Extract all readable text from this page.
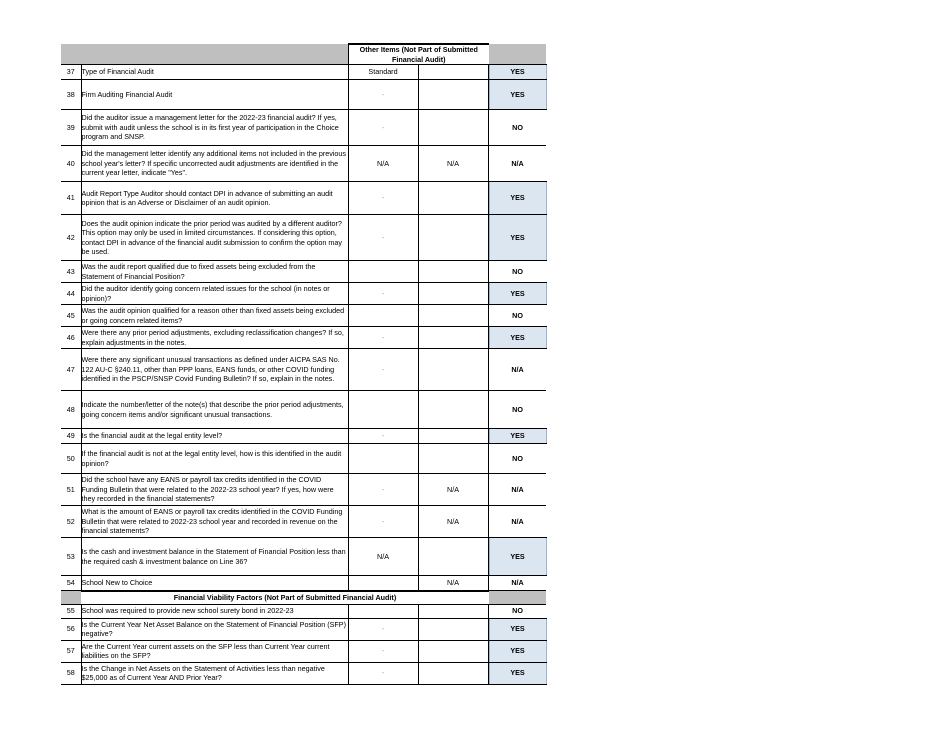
		Other Items (Not Part of Submitted Financial Audit)		
37	Type of Financial Audit	Standard			YES
38	Firm Auditing Financial Audit	-			YES
39	Did the auditor issue a management letter for the 2022-23 financial audit? If yes, submit with audit unless the school is in its first year of participation in the Choice program and SNSP.	-			NO
40	Did the management letter identify any additional items not included in the previous school year's letter? If specific uncorrected audit adjustments are identified in the current year letter, indicate "Yes".	N/A	N/A		N/A
41	Audit Report Type Auditor should contact DPI in advance of submitting an audit opinion that is an Adverse or Disclaimer of an audit opinion.	-			YES
42	Does the audit opinion indicate the prior period was audited by a different auditor? This option may only be used in limited circumstances. If considering this option, contact DPI in advance of the financial audit submission to confirm the option may be used.	-			YES
43	Was the audit report qualified due to fixed assets being excluded from the Statement of Financial Position?				NO
44	Did the auditor identify going concern related issues for the school (in notes or opinion)?	-			YES
45	Was the audit opinion qualified for a reason other than fixed assets being excluded or going concern related items?				NO
46	Were there any prior period adjustments, excluding reclassification changes? If so, explain adjustments in the notes.	-			YES
47	Were there any significant unusual transactions as defined under AICPA SAS No. 122 AU-C §240.11, other than PPP loans, EANS funds, or other COVID funding identified in the PSCP/SNSP Covid Funding Bulletin? If so, explain in the notes.	-			N/A
48	Indicate the number/letter of the note(s) that describe the prior period adjustments, going concern items and/or significant unusual transactions.				NO
49	Is the financial audit at the legal entity level?	-			YES
50	If the financial audit is not at the legal entity level, how is this identified in the audit opinion?				NO
51	Did the school have any EANS or payroll tax credits identified in the COVID Funding Bulletin that were related to the 2022-23 school year? If yes, how were they recorded in the financial statements?	-	N/A		N/A
52	What is the amount of EANS or payroll tax credits identified in the COVID Funding Bulletin that were related to 2022-23 school year and recorded in revenue on the financial statements?	-	N/A		N/A
53	Is the cash and investment balance in the Statement of Financial Position less than the required cash & investment balance on Line 36?	N/A			YES
54	School New to Choice		N/A		N/A
	Financial Viability Factors (Not Part of Submitted Financial Audit)			
55	School was required to provide new school surety bond in 2022-23				NO
56	Is the Current Year Net Asset Balance on the Statement of Financial Position (SFP) negative?	-			YES
57	Are the Current Year current assets on the SFP less than Current Year current liabilities on the SFP?	-			YES
58	Is the Change in Net Assets on the Statement of Activities less than negative $25,000 as of Current Year AND Prior Year?	-			YES
